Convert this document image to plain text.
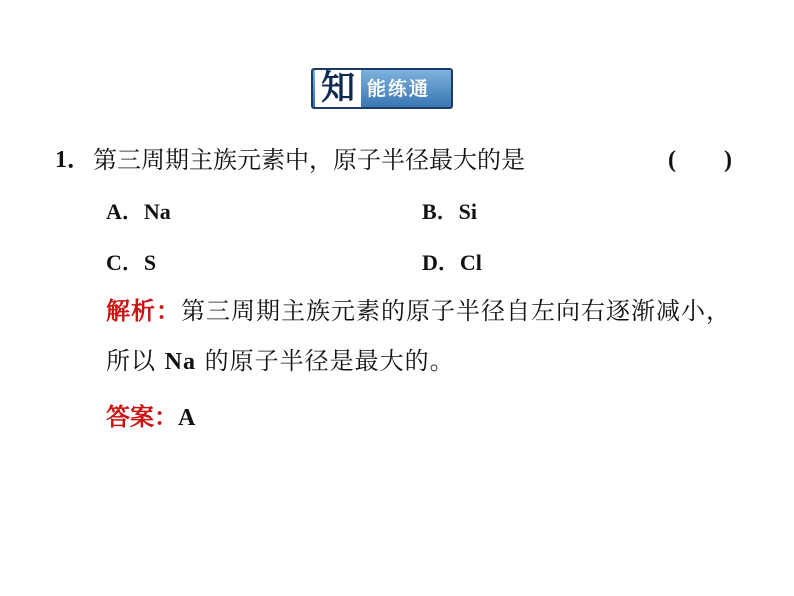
知 能练通
1． 第三周期主族元素中，原子半径最大的是	(　　)
A．Na	B．Si
C．S	D．Cl
解析：第三周期主族元素的原子半径自左向右逐渐减小，
所以 Na 的原子半径是最大的。
答案：A
